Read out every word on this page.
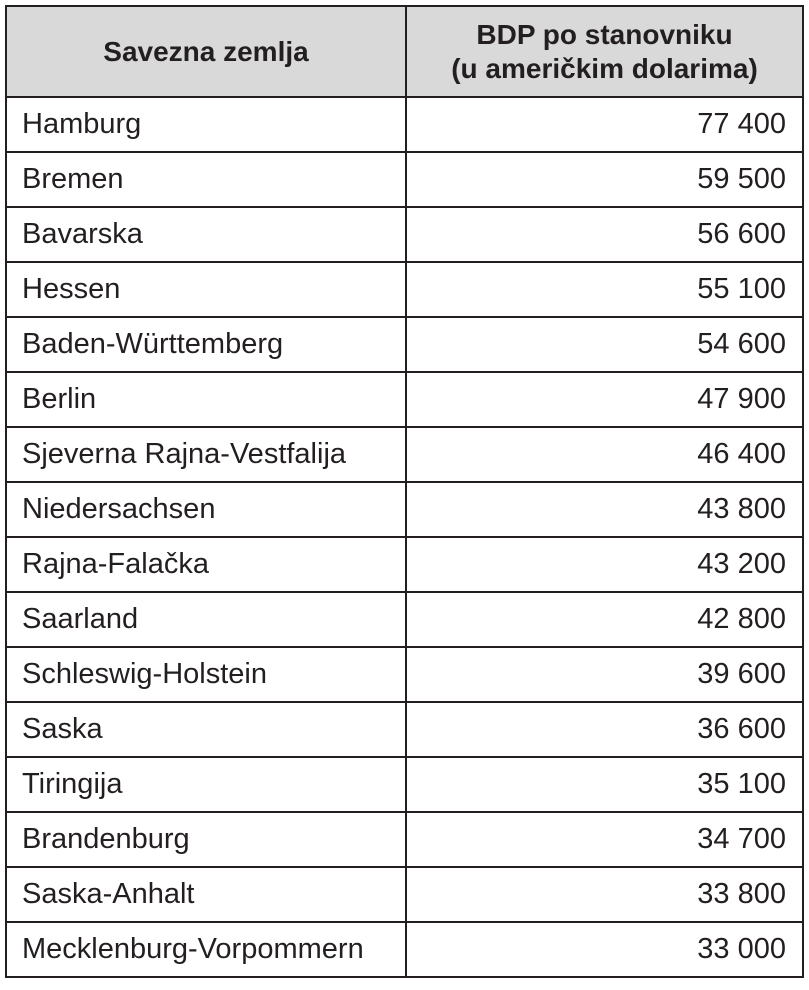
Savezna zemlja	BDP po stanovniku
(u američkim dolarima)
Hamburg	77 400
Bremen	59 500
Bavarska	56 600
Hessen	55 100
Baden-Württemberg	54 600
Berlin	47 900
Sjeverna Rajna-Vestfalija	46 400
Niedersachsen	43 800
Rajna-Falačka	43 200
Saarland	42 800
Schleswig-Holstein	39 600
Saska	36 600
Tiringija	35 100
Brandenburg	34 700
Saska-Anhalt	33 800
Mecklenburg-Vorpommern	33 000
